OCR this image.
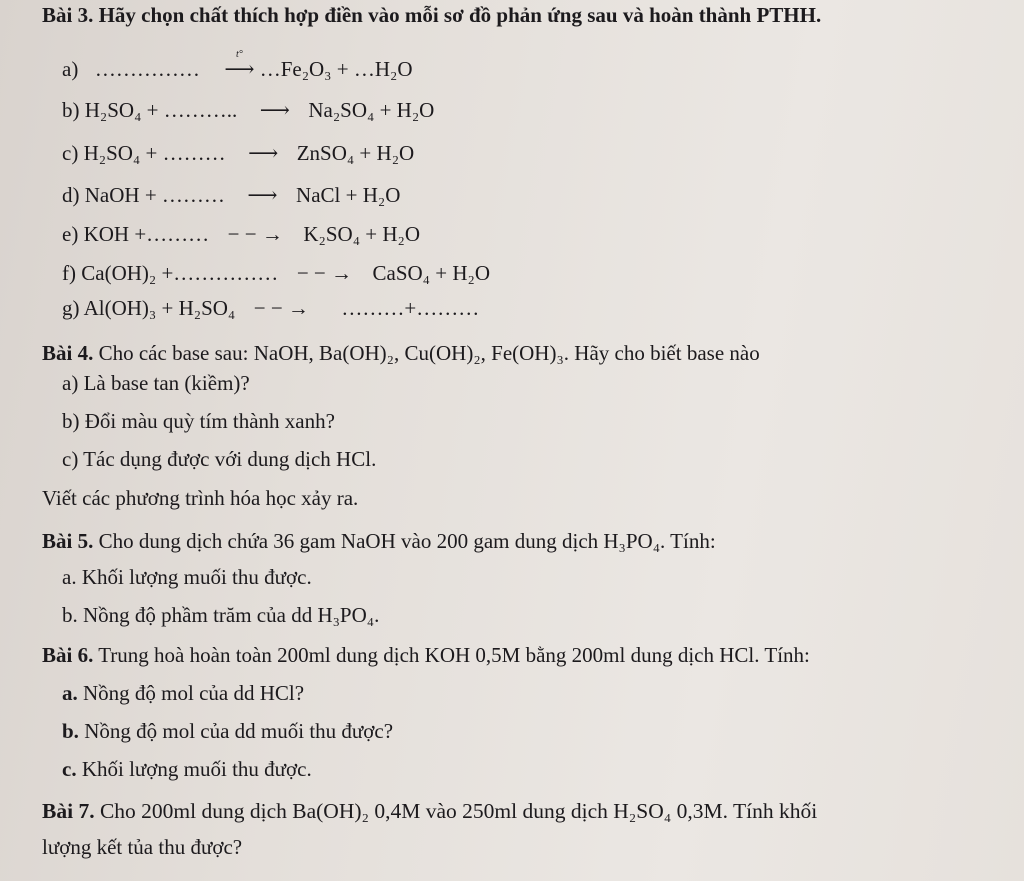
Bài 3. Hãy chọn chất thích hợp điền vào mỗi sơ đồ phản ứng sau và hoàn thành PTHH.
a) ……………
t°
⟶ …Fe₂O₃ + …H₂O
b) H₂SO₄ + ……….. ⟶ Na₂SO₄ + H₂O
c) H₂SO₄ + ……… ⟶ ZnSO₄ + H₂O
d) NaOH + ……… ⟶ NaCl + H₂O
e) KOH +……… − − → K₂SO₄ + H₂O
f) Ca(OH)₂ +…………… − − → CaSO₄ + H₂O
g) Al(OH)₃ + H₂SO₄ − − → ………+………
Bài 4. Cho các base sau: NaOH, Ba(OH)₂, Cu(OH)₂, Fe(OH)₃. Hãy cho biết base nào
a) Là base tan (kiềm)?
b) Đổi màu quỳ tím thành xanh?
c) Tác dụng được với dung dịch HCl.
Viết các phương trình hóa học xảy ra.
Bài 5. Cho dung dịch chứa 36 gam NaOH vào 200 gam dung dịch H₃PO₄. Tính:
a. Khối lượng muối thu được.
b. Nồng độ phầm trăm của dd H₃PO₄.
Bài 6. Trung hoà hoàn toàn 200ml dung dịch KOH 0,5M bằng 200ml dung dịch HCl. Tính:
a. Nồng độ mol của dd HCl?
b. Nồng độ mol của dd muối thu được?
c. Khối lượng muối thu được.
Bài 7. Cho 200ml dung dịch Ba(OH)₂ 0,4M vào 250ml dung dịch H₂SO₄ 0,3M. Tính khối
lượng kết tủa thu được?
